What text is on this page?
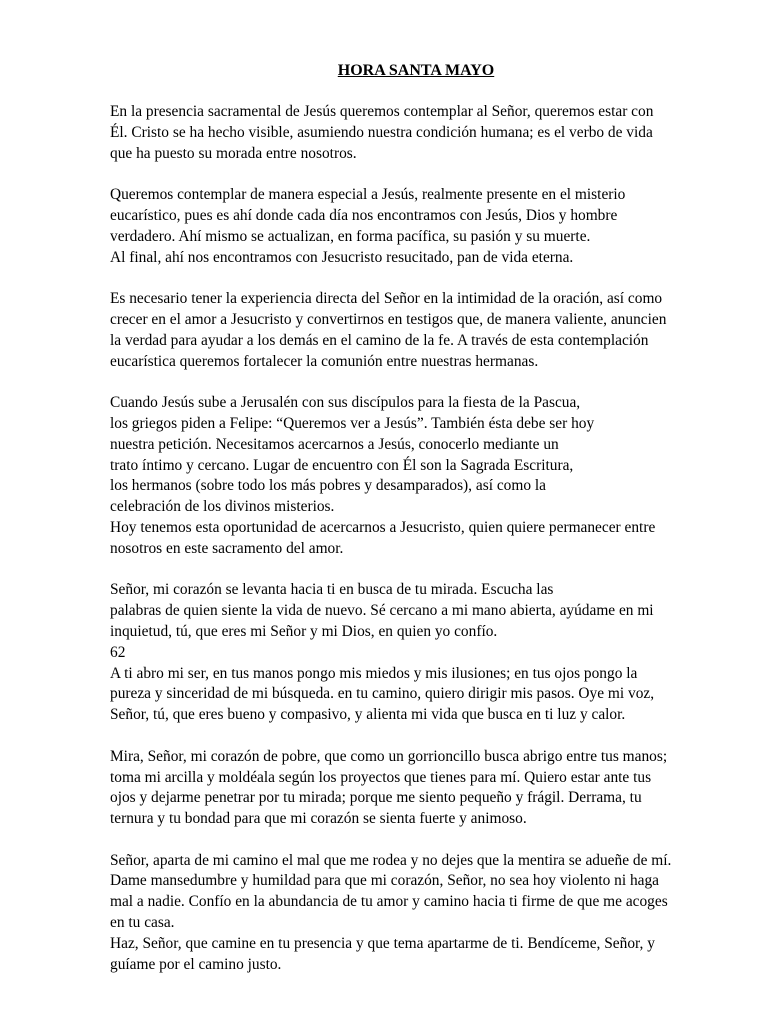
HORA SANTA MAYO
En la presencia sacramental de Jesús queremos contemplar al Señor, queremos estar con
Él. Cristo se ha hecho visible, asumiendo nuestra condición humana; es el verbo de vida
que ha puesto su morada entre nosotros.
Queremos contemplar de manera especial a Jesús, realmente presente en el misterio
eucarístico, pues es ahí donde cada día nos encontramos con Jesús, Dios y hombre
verdadero. Ahí mismo se actualizan, en forma pacífica, su pasión y su muerte.
Al final, ahí nos encontramos con Jesucristo resucitado, pan de vida eterna.
Es necesario tener la experiencia directa del Señor en la intimidad de la oración, así como
crecer en el amor a Jesucristo y convertirnos en testigos que, de manera valiente, anuncien
la verdad para ayudar a los demás en el camino de la fe. A través de esta contemplación
eucarística queremos fortalecer la comunión entre nuestras hermanas.
Cuando Jesús sube a Jerusalén con sus discípulos para la fiesta de la Pascua,
los griegos piden a Felipe: “Queremos ver a Jesús”. También ésta debe ser hoy
nuestra petición. Necesitamos acercarnos a Jesús, conocerlo mediante un
trato íntimo y cercano. Lugar de encuentro con Él son la Sagrada Escritura,
los hermanos (sobre todo los más pobres y desamparados), así como la
celebración de los divinos misterios.
Hoy tenemos esta oportunidad de acercarnos a Jesucristo, quien quiere permanecer entre
nosotros en este sacramento del amor.
Señor, mi corazón se levanta hacia ti en busca de tu mirada. Escucha las
palabras de quien siente la vida de nuevo. Sé cercano a mi mano abierta, ayúdame en mi
inquietud, tú, que eres mi Señor y mi Dios, en quien yo confío.
62
A ti abro mi ser, en tus manos pongo mis miedos y mis ilusiones; en tus ojos pongo la
pureza y sinceridad de mi búsqueda. en tu camino, quiero dirigir mis pasos. Oye mi voz,
Señor, tú, que eres bueno y compasivo, y alienta mi vida que busca en ti luz y calor.
Mira, Señor, mi corazón de pobre, que como un gorrioncillo busca abrigo entre tus manos;
toma mi arcilla y moldéala según los proyectos que tienes para mí. Quiero estar ante tus
ojos y dejarme penetrar por tu mirada; porque me siento pequeño y frágil. Derrama, tu
ternura y tu bondad para que mi corazón se sienta fuerte y animoso.
Señor, aparta de mi camino el mal que me rodea y no dejes que la mentira se adueñe de mí.
Dame mansedumbre y humildad para que mi corazón, Señor, no sea hoy violento ni haga
mal a nadie. Confío en la abundancia de tu amor y camino hacia ti firme de que me acoges
en tu casa.
Haz, Señor, que camine en tu presencia y que tema apartarme de ti. Bendíceme, Señor, y
guíame por el camino justo.
